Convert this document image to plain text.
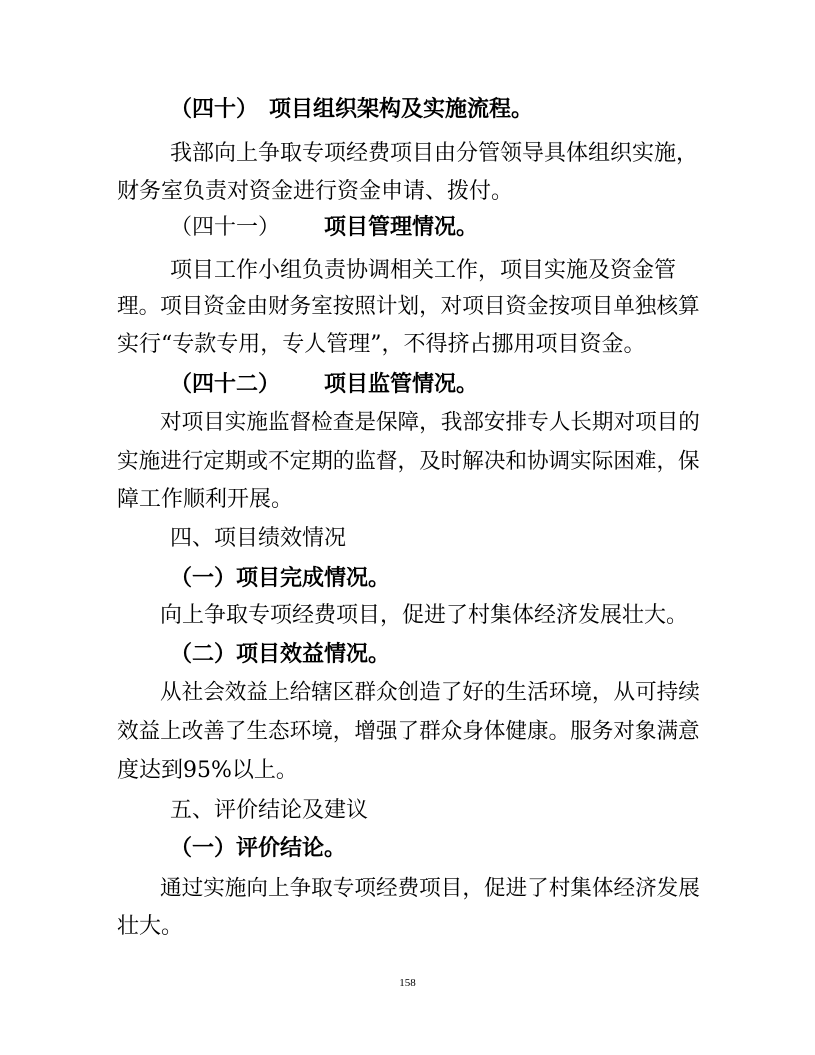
（四十）　项目组织架构及实施流程。
我部向上争取专项经费项目由分管领导具体组织实施，
财务室负责对资金进行资金申请、拨付。
（四十一） 项目管理情况。
项目工作小组负责协调相关工作，项目实施及资金管
理。项目资金由财务室按照计划，对项目资金按项目单独核算
实行“专款专用，专人管理”，不得挤占挪用项目资金。
（四十二） 项目监管情况。
对项目实施监督检查是保障，我部安排专人长期对项目的
实施进行定期或不定期的监督，及时解决和协调实际困难，保
障工作顺利开展。
四、项目绩效情况
（一）项目完成情况。
向上争取专项经费项目，促进了村集体经济发展壮大。
（二）项目效益情况。
从社会效益上给辖区群众创造了好的生活环境，从可持续
效益上改善了生态环境，增强了群众身体健康。服务对象满意
度达到95%以上。
五、评价结论及建议
（一）评价结论。
通过实施向上争取专项经费项目，促进了村集体经济发展
壮大。
158
